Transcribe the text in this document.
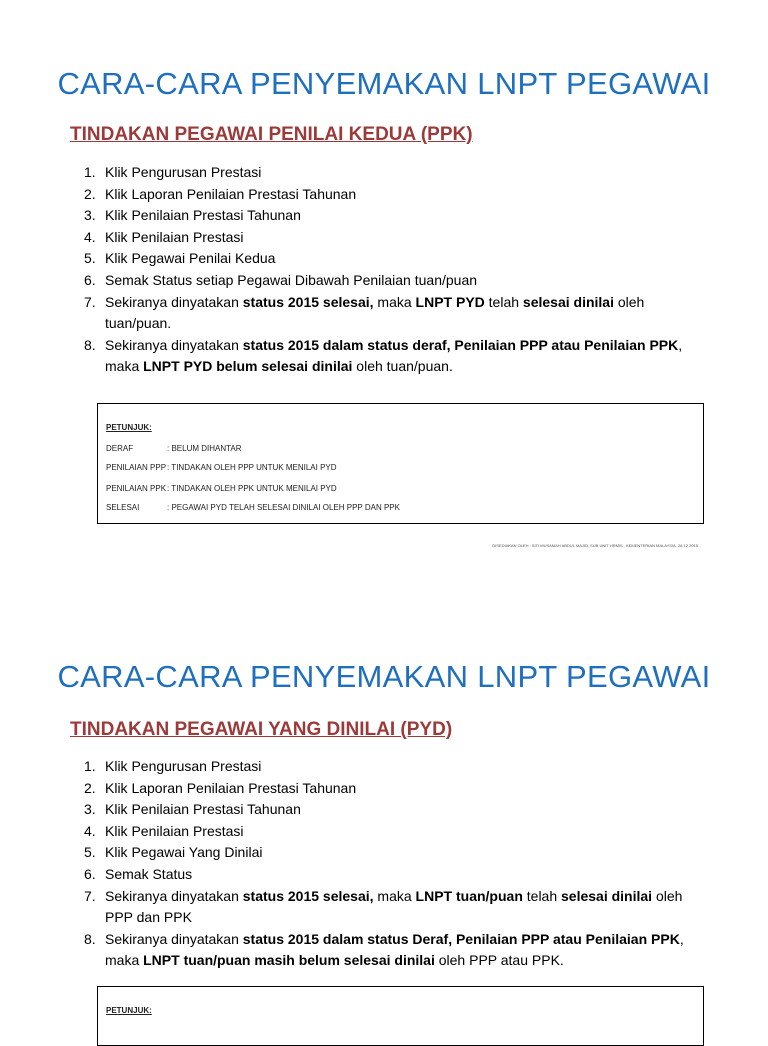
CARA-CARA PENYEMAKAN LNPT PEGAWAI
TINDAKAN PEGAWAI PENILAI KEDUA (PPK)
1. Klik Pengurusan Prestasi
2. Klik Laporan Penilaian Prestasi Tahunan
3. Klik Penilaian Prestasi Tahunan
4. Klik Penilaian Prestasi
5. Klik Pegawai Penilai Kedua
6. Semak Status setiap Pegawai Dibawah Penilaian tuan/puan
7. Sekiranya dinyatakan status 2015 selesai, maka LNPT PYD telah selesai dinilai oleh tuan/puan.
8. Sekiranya dinyatakan status 2015 dalam status deraf, Penilaian PPP atau Penilaian PPK, maka LNPT PYD belum selesai dinilai oleh tuan/puan.
PETUNJUK:
DERAF	: BELUM DIHANTAR
PENILAIAN PPP: TINDAKAN OLEH PPP UNTUK MENILAI PYD
PENILAIAN PPK: TINDAKAN OLEH PPK UNTUK MENILAI PYD
SELESAI	: PEGAWAI PYD TELAH SELESAI DINILAI OLEH PPP DAN PPK
DISEDIAKAN OLEH : SITI MUSAMAH ABDUL MAJID, SUB UNIT HRMIS , KEMENTERIAN MALAYSIA. 28.12.2015
CARA-CARA PENYEMAKAN LNPT PEGAWAI
TINDAKAN PEGAWAI YANG DINILAI (PYD)
1. Klik Pengurusan Prestasi
2. Klik Laporan Penilaian Prestasi Tahunan
3. Klik Penilaian Prestasi Tahunan
4. Klik Penilaian Prestasi
5. Klik Pegawai Yang Dinilai
6. Semak Status
7. Sekiranya dinyatakan status 2015 selesai, maka LNPT tuan/puan telah selesai dinilai oleh PPP dan PPK
8. Sekiranya dinyatakan status 2015 dalam status Deraf, Penilaian PPP atau Penilaian PPK, maka LNPT tuan/puan masih belum selesai dinilai oleh PPP atau PPK.
PETUNJUK:
